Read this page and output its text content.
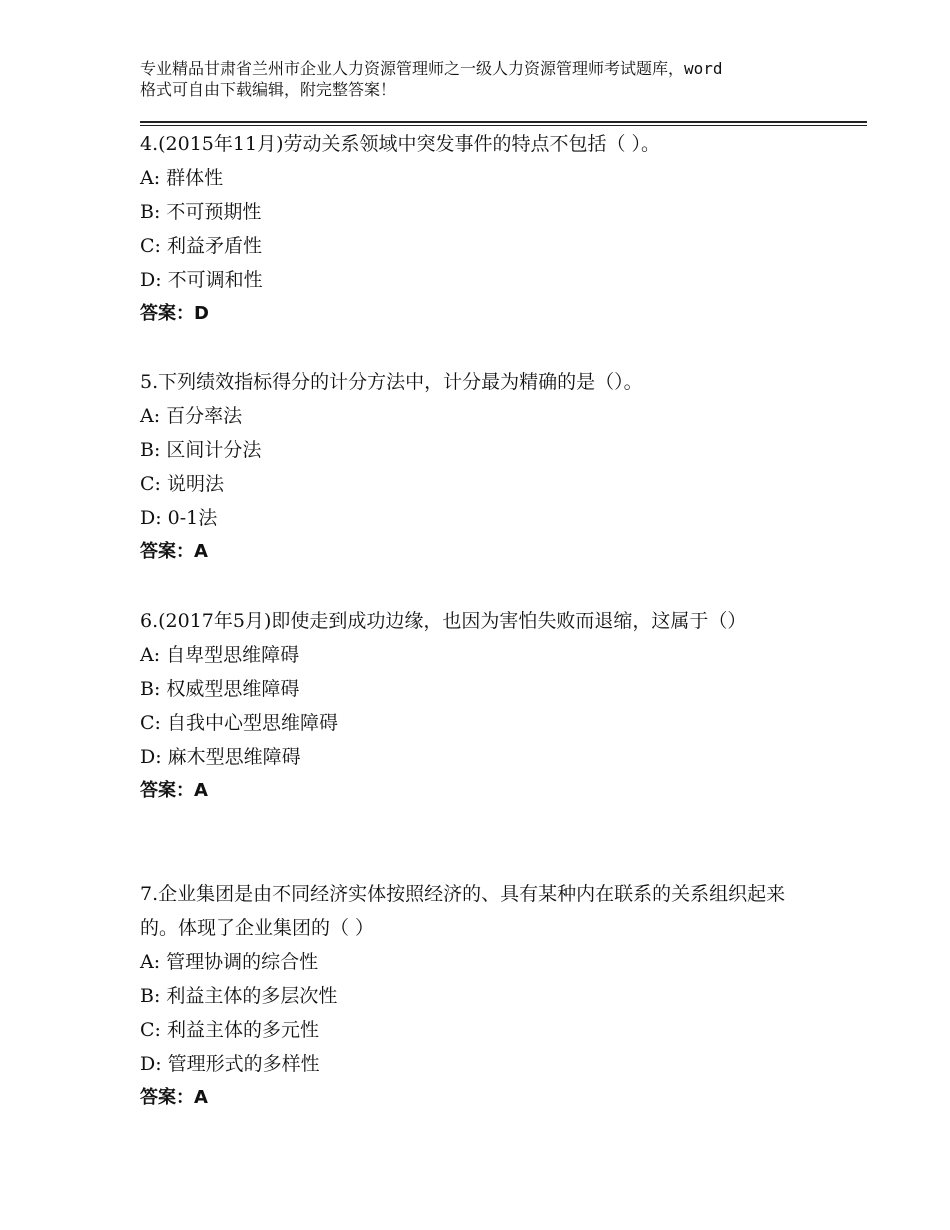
专业精品甘肃省兰州市企业人力资源管理师之一级人力资源管理师考试题库，word
格式可自由下载编辑，附完整答案！

4.(2015年11月)劳动关系领域中突发事件的特点不包括（ ）。

A: 群体性

B: 不可预期性

C: 利益矛盾性

D: 不可调和性

答案：D

5.下列绩效指标得分的计分方法中，计分最为精确的是（）。

A: 百分率法

B: 区间计分法

C: 说明法

D: 0-1法

答案：A

6.(2017年5月)即使走到成功边缘，也因为害怕失败而退缩，这属于（）

A: 自卑型思维障碍

B: 权威型思维障碍

C: 自我中心型思维障碍

D: 麻木型思维障碍

答案：A

7.企业集团是由不同经济实体按照经济的、具有某种内在联系的关系组织起来的。体现了企业集团的（ ）

A: 管理协调的综合性

B: 利益主体的多层次性

C: 利益主体的多元性

D: 管理形式的多样性

答案：A
